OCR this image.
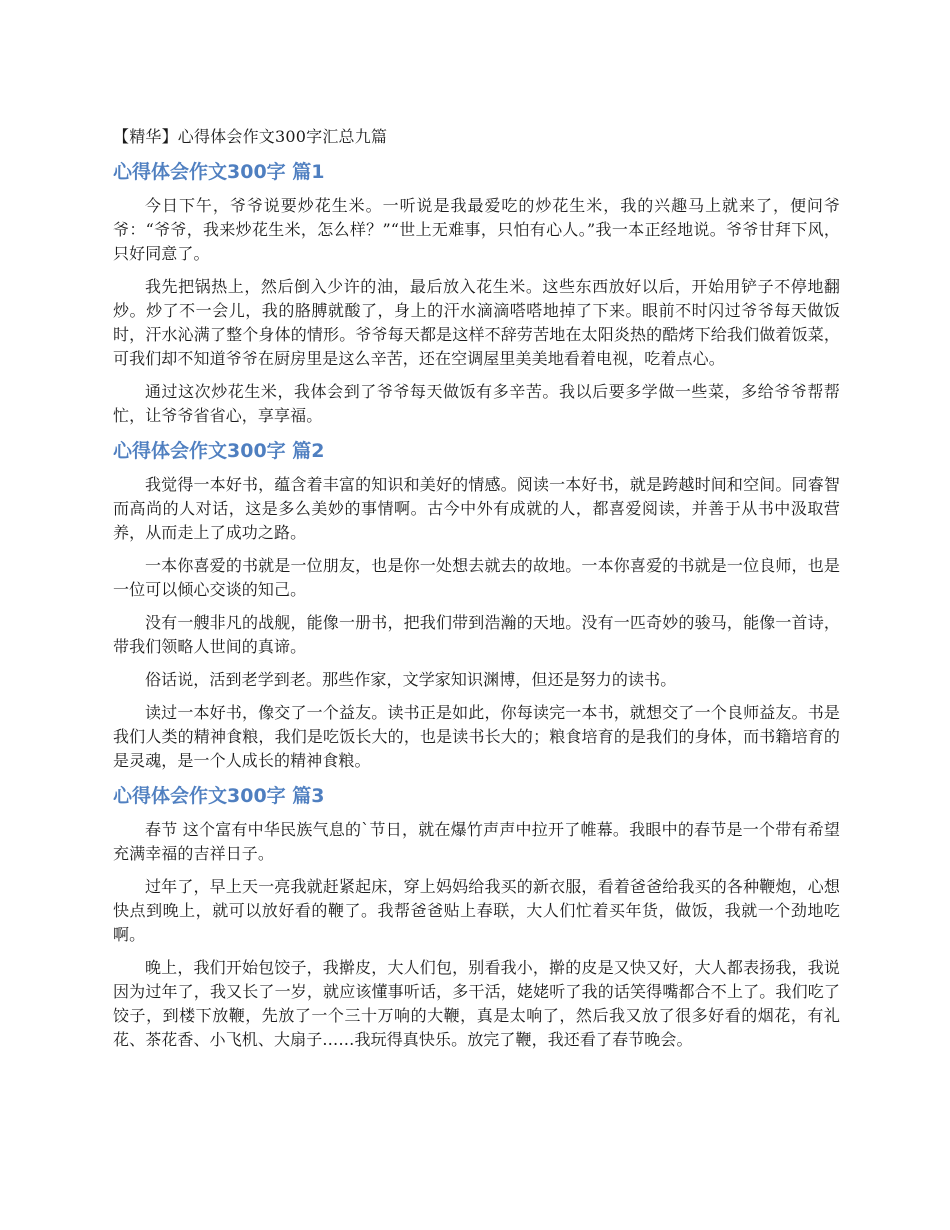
【精华】心得体会作文300字汇总九篇
心得体会作文300字 篇1

今日下午，爷爷说要炒花生米。一听说是我最爱吃的炒花生米，我的兴趣马上就来了，便问爷爷：“爷爷，我来炒花生米，怎么样？”“世上无难事，只怕有心人。”我一本正经地说。爷爷甘拜下风，只好同意了。

我先把锅热上，然后倒入少许的油，最后放入花生米。这些东西放好以后，开始用铲子不停地翻炒。炒了不一会儿，我的胳膊就酸了，身上的汗水滴滴嗒嗒地掉了下来。眼前不时闪过爷爷每天做饭时，汗水沁满了整个身体的情形。爷爷每天都是这样不辞劳苦地在太阳炎热的酷烤下给我们做着饭菜，可我们却不知道爷爷在厨房里是这么辛苦，还在空调屋里美美地看着电视，吃着点心。

通过这次炒花生米，我体会到了爷爷每天做饭有多辛苦。我以后要多学做一些菜，多给爷爷帮帮忙，让爷爷省省心，享享福。

心得体会作文300字 篇2

我觉得一本好书，蕴含着丰富的知识和美好的情感。阅读一本好书，就是跨越时间和空间。同睿智而高尚的人对话，这是多么美妙的事情啊。古今中外有成就的人，都喜爱阅读，并善于从书中汲取营养，从而走上了成功之路。

一本你喜爱的书就是一位朋友，也是你一处想去就去的故地。一本你喜爱的书就是一位良师，也是一位可以倾心交谈的知己。

没有一艘非凡的战舰，能像一册书，把我们带到浩瀚的天地。没有一匹奇妙的骏马，能像一首诗，带我们领略人世间的真谛。

俗话说，活到老学到老。那些作家，文学家知识渊博，但还是努力的读书。

读过一本好书，像交了一个益友。读书正是如此，你每读完一本书，就想交了一个良师益友。书是我们人类的精神食粮，我们是吃饭长大的，也是读书长大的；粮食培育的是我们的身体，而书籍培育的是灵魂，是一个人成长的精神食粮。

心得体会作文300字 篇3

春节 这个富有中华民族气息的`节日，就在爆竹声声中拉开了帷幕。我眼中的春节是一个带有希望充满幸福的吉祥日子。

过年了，早上天一亮我就赶紧起床，穿上妈妈给我买的新衣服，看着爸爸给我买的各种鞭炮，心想快点到晚上，就可以放好看的鞭了。我帮爸爸贴上春联，大人们忙着买年货，做饭，我就一个劲地吃啊。

晚上，我们开始包饺子，我擀皮，大人们包，别看我小，擀的皮是又快又好，大人都表扬我，我说因为过年了，我又长了一岁，就应该懂事听话，多干活，姥姥听了我的话笑得嘴都合不上了。我们吃了饺子，到楼下放鞭，先放了一个三十万响的大鞭，真是太响了，然后我又放了很多好看的烟花，有礼花、茶花香、小飞机、大扇子……我玩得真快乐。放完了鞭，我还看了春节晚会。
